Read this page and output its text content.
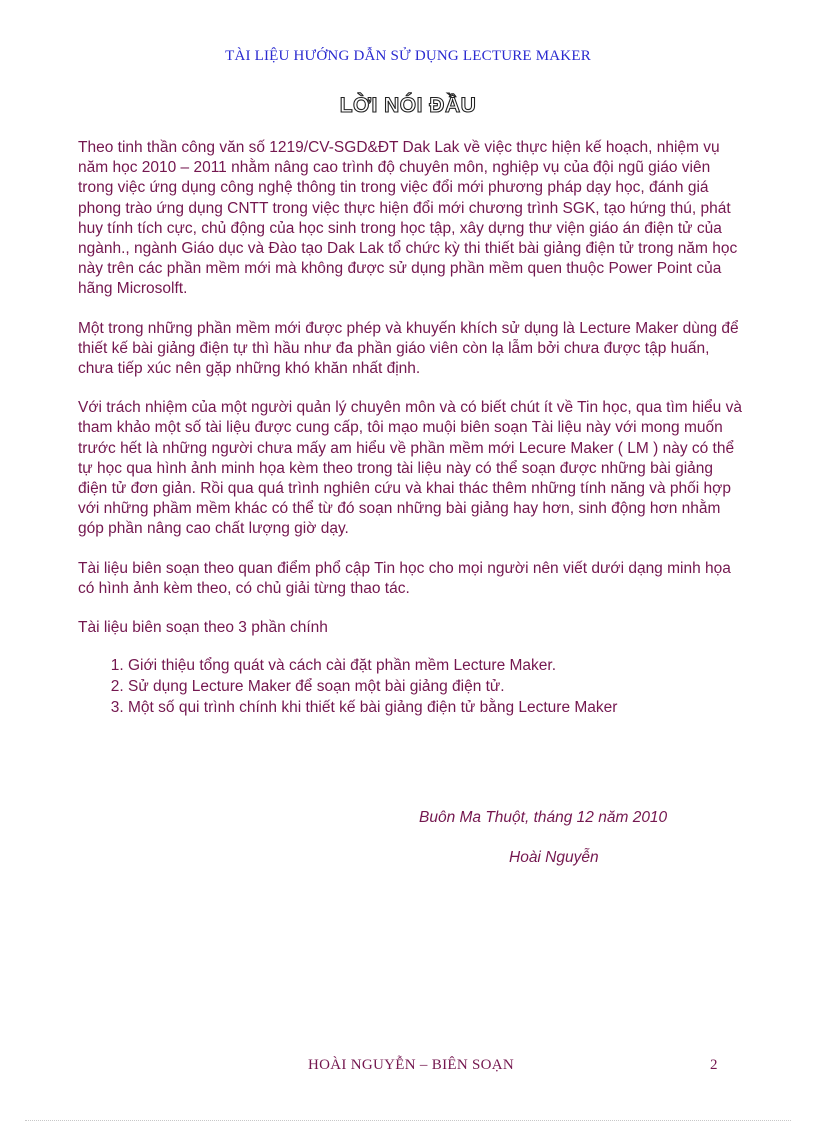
TÀI LIỆU HƯỚNG DẪN SỬ DỤNG LECTURE MAKER
LỜI NÓI ĐẦU

Theo tinh thần công văn số 1219/CV-SGD&ĐT Dak Lak về việc thực hiện kế hoạch, nhiệm vụ năm học 2010 – 2011 nhằm nâng cao trình độ chuyên môn, nghiệp vụ của đội ngũ giáo viên trong việc ứng dụng công nghệ thông tin trong việc đổi mới phương pháp dạy học, đánh giá phong trào ứng dụng CNTT trong việc thực hiện đổi mới chương trình SGK, tạo hứng thú, phát huy tính tích cực, chủ động của học sinh trong học tập, xây dựng thư viện giáo án điện tử của ngành., ngành Giáo dục và Đào tạo Dak Lak tổ chức kỳ thi thiết bài giảng điện tử trong năm học này trên các phần mềm mới mà không được sử dụng phần mềm quen thuộc Power Point của hãng Microsolft.

Một trong những phần mềm mới được phép và khuyến khích sử dụng là Lecture Maker dùng để thiết kế bài giảng điện tự thì hầu như đa phần giáo viên còn lạ lẫm bởi chưa được tập huấn, chưa tiếp xúc nên gặp những khó khăn nhất định.

Với trách nhiệm của một người quản lý chuyên môn và có biết chút ít về Tin học, qua tìm hiểu và tham khảo một số tài liệu được cung cấp, tôi mạo muội biên soạn Tài liệu này với mong muốn trước hết là những người chưa mấy am hiểu về phần mềm mới Lecure Maker ( LM ) này có thể tự học qua hình ảnh minh họa kèm theo trong tài liệu này có thể soạn được những bài giảng điện tử đơn giản. Rồi qua quá trình nghiên cứu và khai thác thêm những tính năng và phối hợp với những phầm mềm khác có thể từ đó soạn những bài giảng hay hơn, sinh động hơn nhằm góp phần nâng cao chất lượng giờ dạy.

Tài liệu biên soạn theo quan điểm phổ cập Tin học cho mọi người nên viết dưới dạng minh họa có hình ảnh kèm theo, có chủ giải từng thao tác.

Tài liệu biên soạn theo 3 phần chính

1. Giới thiệu tổng quát và cách cài đặt phần mềm Lecture Maker.
2. Sử dụng Lecture Maker để soạn một bài giảng điện tử.
3. Một số qui trình chính khi thiết kế bài giảng điện tử bằng Lecture Maker
Buôn Ma Thuột, tháng 12 năm 2010
Hoài Nguyễn
HOÀI NGUYỄN – BIÊN SOẠN	2
